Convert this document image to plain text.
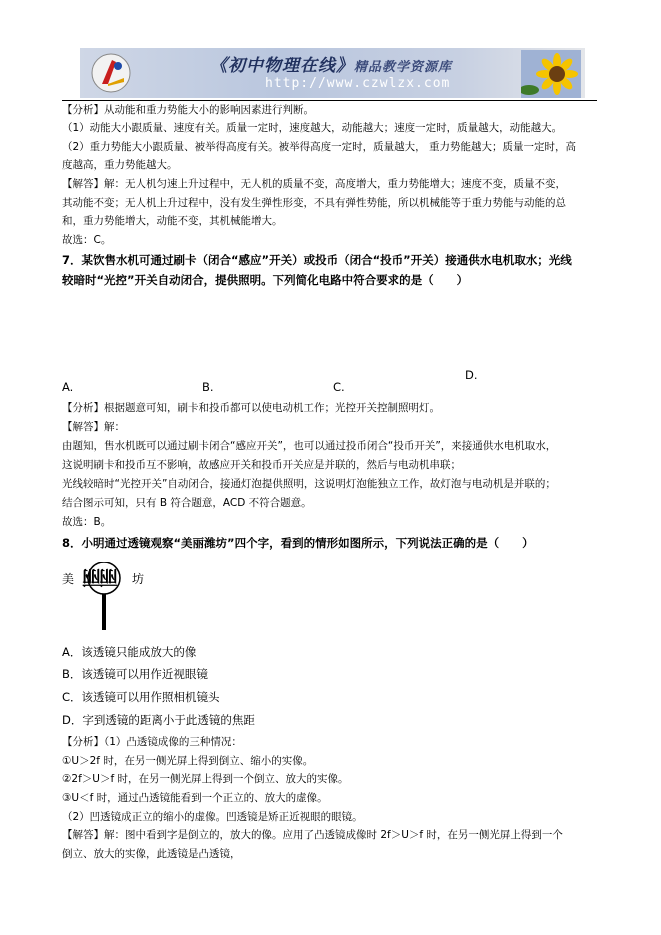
《初中物理在线》精品教学资源库
http://www.czwlzx.com
【分析】从动能和重力势能大小的影响因素进行判断。
（1）动能大小跟质量、速度有关。质量一定时，速度越大，动能越大；速度一定时，质量越大，动能越大。
（2）重力势能大小跟质量、被举得高度有关。被举得高度一定时，质量越大， 重力势能越大；质量一定时，高
度越高，重力势能越大。
【解答】解：无人机匀速上升过程中，无人机的质量不变，高度增大，重力势能增大；速度不变，质量不变，
其动能不变；无人机上升过程中，没有发生弹性形变，不具有弹性势能，所以机械能等于重力势能与动能的总
和，重力势能增大，动能不变，其机械能增大。
故选：C。
7．某饮售水机可通过刷卡（闭合“感应”开关）或投币（闭合“投币”开关）接通供水电机取水；光线
较暗时“光控”开关自动闭合，提供照明。下列简化电路中符合要求的是（　　）
A.	B.	C.
D.
【分析】根据题意可知，刷卡和投币都可以使电动机工作；光控开关控制照明灯。
【解答】解：
由题知，售水机既可以通过刷卡闭合“感应开关”，也可以通过投币闭合“投币开关”，来接通供水电机取水，
这说明刷卡和投币互不影响，故感应开关和投币开关应是并联的，然后与电动机串联；
光线较暗时“光控开关”自动闭合，接通灯泡提供照明，这说明灯泡能独立工作，故灯泡与电动机是并联的；
结合图示可知，只有 B 符合题意，ACD 不符合题意。
故选：B。
8．小明通过透镜观察“美丽潍坊”四个字，看到的情形如图所示，下列说法正确的是（　　）
美	坊
丽丽
A．该透镜只能成放大的像
B．该透镜可以用作近视眼镜
C．该透镜可以用作照相机镜头
D．字到透镜的距离小于此透镜的焦距
【分析】（1）凸透镜成像的三种情况：
①U＞2f 时，在另一侧光屏上得到倒立、缩小的实像。
②2f＞U＞f 时，在另一侧光屏上得到一个倒立、放大的实像。
③U＜f 时，通过凸透镜能看到一个正立的、放大的虚像。
（2）凹透镜成正立的缩小的虚像。凹透镜是矫正近视眼的眼镜。
【解答】解：图中看到字是倒立的，放大的像。应用了凸透镜成像时 2f＞U＞f 时，在另一侧光屏上得到一个
倒立、放大的实像，此透镜是凸透镜，
